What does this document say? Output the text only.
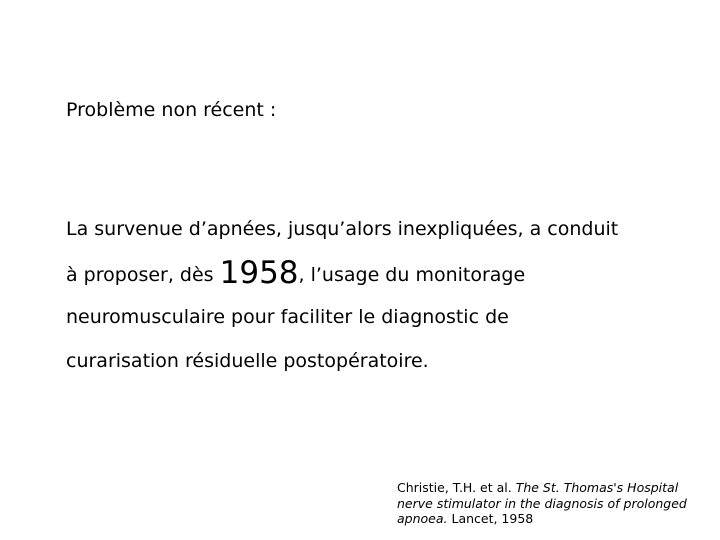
Problème non récent :
La survenue d’apnées, jusqu’alors inexpliquées, a conduit
à proposer, dès 1958, l’usage du monitorage
neuromusculaire pour faciliter le diagnostic de
curarisation résiduelle postopératoire.
Christie, T.H. et al. The St. Thomas's Hospital nerve stimulator in the diagnosis of prolonged apnoea. Lancet, 1958
